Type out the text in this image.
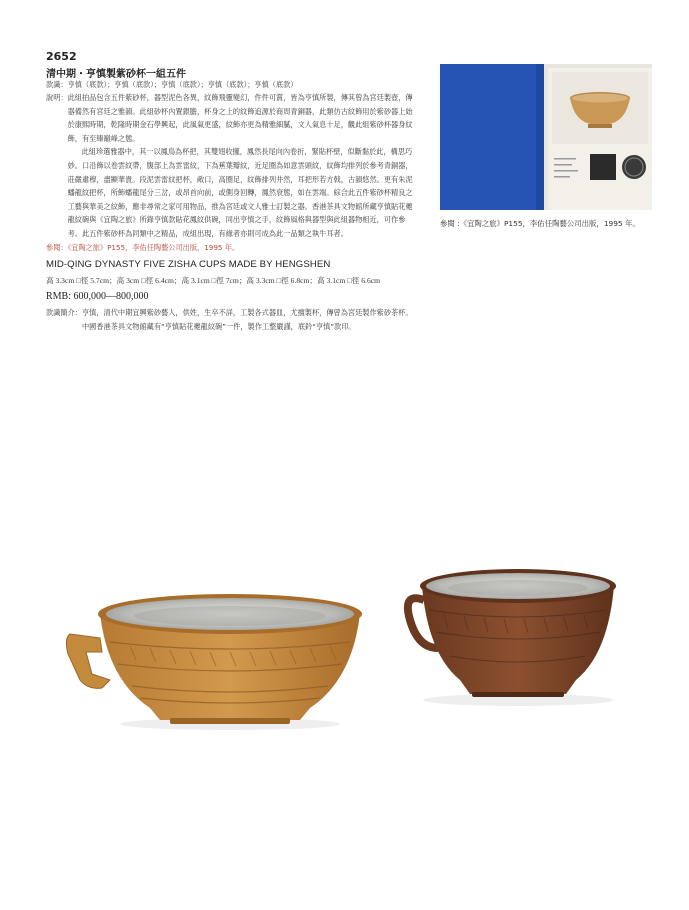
2652
清中期・亨慎製紫砂杯一組五件
款識： 亨慎（底款）；亨慎（底款）；亨慎（底款）；亨慎（底款）；亨慎（底款）
說明： 此組拍品包含五件紫砂杯，器型泥色各異，紋飾飛靈變幻，件件可賞，皆為亨慎所製，傳其曾為宮廷製壺，傳器備然有宮廷之雅韻。此組砂杯內置銀膽，杯身之上的紋飾追源於商周青銅器，此類仿古紋飾用於紫砂器上始於康熙時期，乾隆時期金石學興起，此風氣更盛，紋飾亦更為精雅細膩，文人氣息十足，觀此組紫砂杯器身紋飾，有至臻巔峰之態。

此組珍選雅器中，其一以鳳鳥為杯把，其雙翅收攏，鳳然長尾向內卷折，緊貼杯壁，似斷黏於此，構思巧妙。口沿飾以卷雲紋帶，腹部上為雲雷紋，下為蕉葉瓣紋，近足圈為如意雲頭紋，紋飾均排列於參考青銅器，莊嚴肅穆，盡顯華貴。段泥雲雷紋把杯，敞口，高圈足，紋飾排列井然，耳把形若方戟，古韻悠然。更有朱泥蟠龍紋把杯，所飾蟠龍尾分三岔，或昂首向前，或側身回轉，鳳然衰態，如在雲端。綜合此五件紫砂杯精良之工藝與華美之紋飾，應非尋常之家可用物品，推為宮廷或文人雅士訂製之器。香港茶具文物館所藏亨慎貼花夔龍紋碗與《宜陶之旅》所錄亨慎款貼花鳳紋供碗，同出亨慎之手，紋飾風格與器型與此組器物相近，可作參考。此五件紫砂杯為同類中之精品，成組出現，有緣者亦則可成為此一品類之執牛耳者。

參閱：《宜陶之旅》P155，李佑任陶藝公司出版，1995 年。
MID-QING DYNASTY FIVE ZISHA CUPS MADE BY HENGSHEN
高 3.3cm □徑 5.7cm；高 3cm □徑 6.4cm；高 3.1cm □徑 7cm；高 3.3cm □徑 6.8cm；高 3.1cm □徑 6.6cm
RMB: 600,000—800,000
款識簡介： 亨慎，清代中期宜興紫砂藝人，供姓，生卒不詳，工製各式器皿，尤擅製杯，傳曾為宮廷製作紫砂茶杯。中國香港茶具文物館藏有“亨慎貼花夔龍紋碗”一件，製作工整嚴謹，底鈐“亨慎”款印。
參閱 :《宜陶之旅》P155，李佑任陶藝公司出版，1995 年。
